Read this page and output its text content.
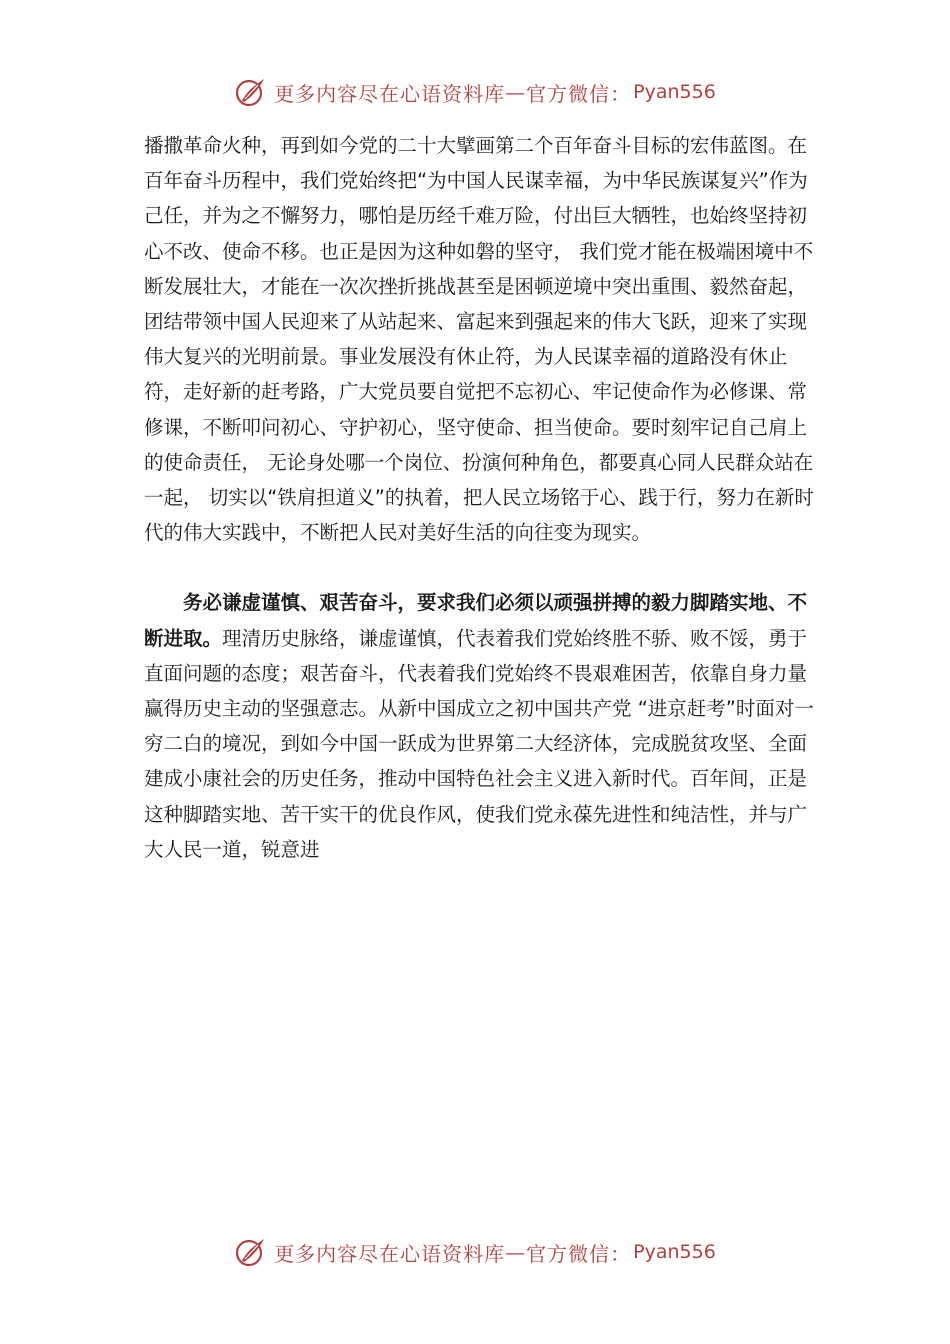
更多内容尽在心语资料库 — 官方微信： Pyan556

播撒革命火种，再到如今党的二十大擘画第二个百年奋斗目标的宏伟蓝图。在百年奋斗历程中，我们党始终把“为中国人民谋幸福，为中华民族谋复兴”作为己任，并为之不懈努力，哪怕是历经千难万险，付出巨大牺牲，也始终坚持初心不改、使命不移。也正是因为这种如磐的坚守， 我们党才能在极端困境中不断发展壮大，才能在一次次挫折挑战甚至是困顿逆境中突出重围、毅然奋起，团结带领中国人民迎来了从站起来、富起来到强起来的伟大飞跃，迎来了实现伟大复兴的光明前景。事业发展没有休止符，为人民谋幸福的道路没有休止符，走好新的赶考路，广大党员要自觉把不忘初心、牢记使命作为必修课、常修课，不断叩问初心、守护初心，坚守使命、担当使命。要时刻牢记自己肩上的使命责任， 无论身处哪一个岗位、扮演何种角色，都要真心同人民群众站在一起， 切实以“铁肩担道义”的执着，把人民立场铭于心、践于行，努力在新时代的伟大实践中，不断把人民对美好生活的向往变为现实。

务必谦虚谨慎、艰苦奋斗，要求我们必须以顽强拼搏的毅力脚踏实地、不断进取。理清历史脉络，谦虚谨慎，代表着我们党始终胜不骄、败不馁，勇于直面问题的态度；艰苦奋斗，代表着我们党始终不畏艰难困苦，依靠自身力量赢得历史主动的坚强意志。从新中国成立之初中国共产党 “进京赶考”时面对一穷二白的境况，到如今中国一跃成为世界第二大经济体，完成脱贫攻坚、全面建成小康社会的历史任务，推动中国特色社会主义进入新时代。百年间，正是这种脚踏实地、苦干实干的优良作风，使我们党永葆先进性和纯洁性，并与广大人民一道，锐意进

更多内容尽在心语资料库 — 官方微信： Pyan556
